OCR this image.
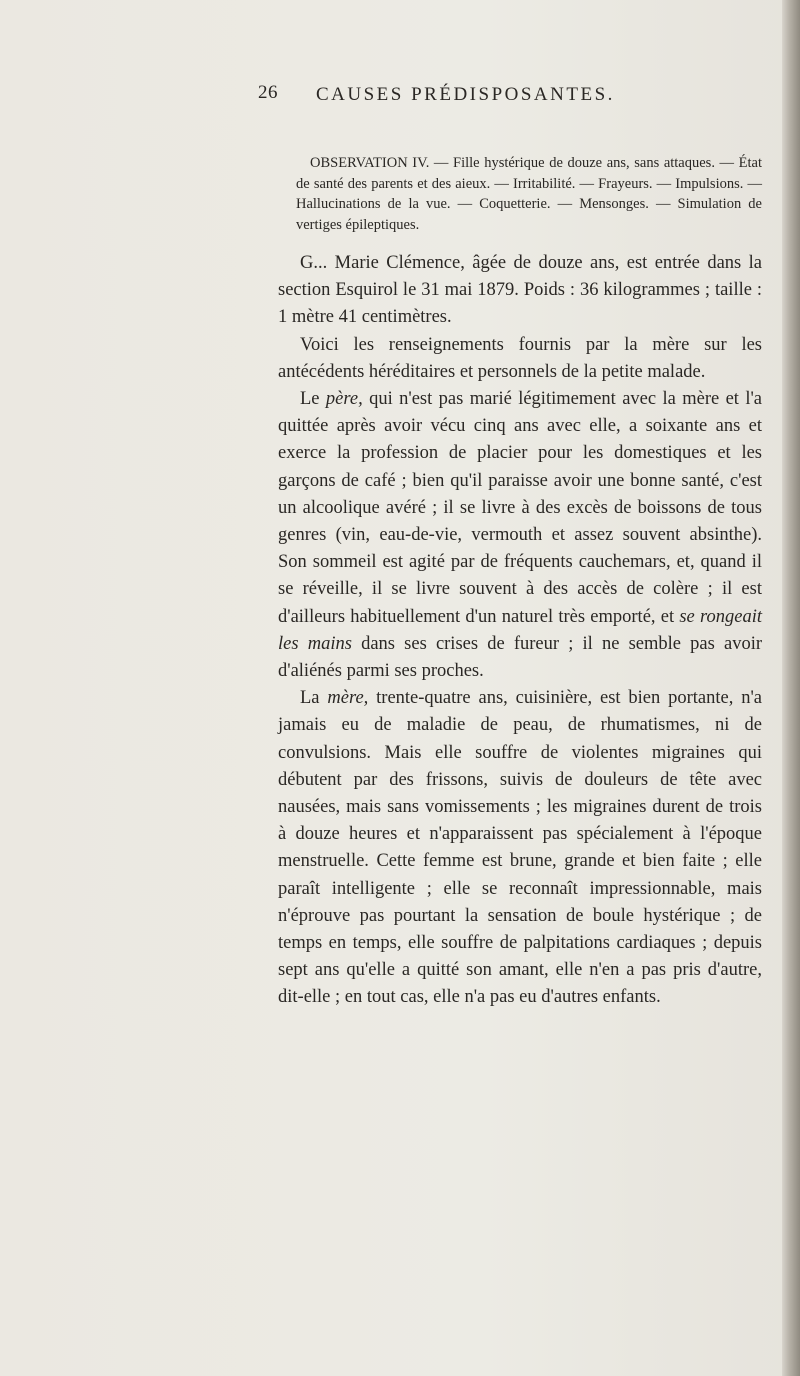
26 CAUSES PRÉDISPOSANTES.

OBSERVATION IV. — Fille hystérique de douze ans, sans attaques. — État de santé des parents et des aieux. — Irritabilité. — Frayeurs. — Impulsions. — Hallucinations de la vue. — Coquetterie. — Mensonges. — Simulation de vertiges épileptiques.

G... Marie Clémence, âgée de douze ans, est entrée dans la section Esquirol le 31 mai 1879. Poids : 36 kilogrammes ; taille : 1 mètre 41 centimètres.

Voici les renseignements fournis par la mère sur les antécédents héréditaires et personnels de la petite malade.

Le père, qui n'est pas marié légitimement avec la mère et l'a quittée après avoir vécu cinq ans avec elle, a soixante ans et exerce la profession de placier pour les domestiques et les garçons de café ; bien qu'il paraisse avoir une bonne santé, c'est un alcoolique avéré ; il se livre à des excès de boissons de tous genres (vin, eau-de-vie, vermouth et assez souvent absinthe). Son sommeil est agité par de fréquents cauchemars, et, quand il se réveille, il se livre souvent à des accès de colère ; il est d'ailleurs habituellement d'un naturel très emporté, et se rongeait les mains dans ses crises de fureur ; il ne semble pas avoir d'aliénés parmi ses proches.

La mère, trente-quatre ans, cuisinière, est bien portante, n'a jamais eu de maladie de peau, de rhumatismes, ni de convulsions. Mais elle souffre de violentes migraines qui débutent par des frissons, suivis de douleurs de tête avec nausées, mais sans vomissements ; les migraines durent de trois à douze heures et n'apparaissent pas spécialement à l'époque menstruelle. Cette femme est brune, grande et bien faite ; elle paraît intelligente ; elle se reconnaît impressionnable, mais n'éprouve pas pourtant la sensation de boule hystérique ; de temps en temps, elle souffre de palpitations cardiaques ; depuis sept ans qu'elle a quitté son amant, elle n'en a pas pris d'autre, dit-elle ; en tout cas, elle n'a pas eu d'autres enfants.
